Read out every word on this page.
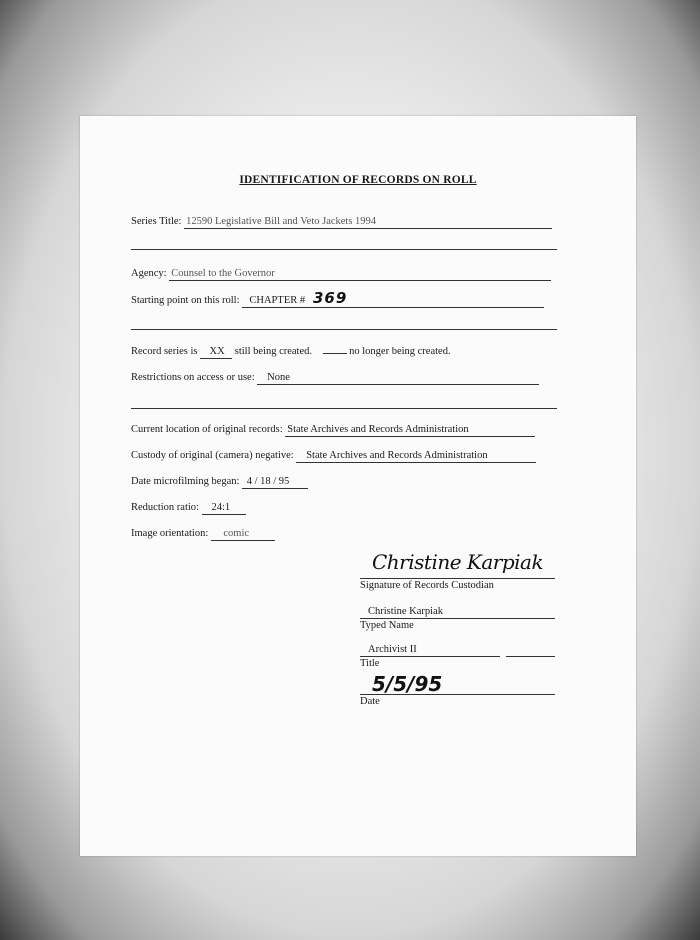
IDENTIFICATION OF RECORDS ON ROLL
Series Title: 12590 Legislative Bill and Veto Jackets 1994
Agency: Counsel to the Governor
Starting point on this roll: CHAPTER # 369
Record series is XX still being created.	no longer being created.
Restrictions on access or use: None
Current location of original records: State Archives and Records Administration
Custody of original (camera) negative: State Archives and Records Administration
Date microfilming began: 4 / 18 / 95
Reduction ratio: 24:1
Image orientation: comic
Christine Karpiak
Signature of Records Custodian
Christine Karpiak
Typed Name
Archivist II
Title
5/5/95
Date
